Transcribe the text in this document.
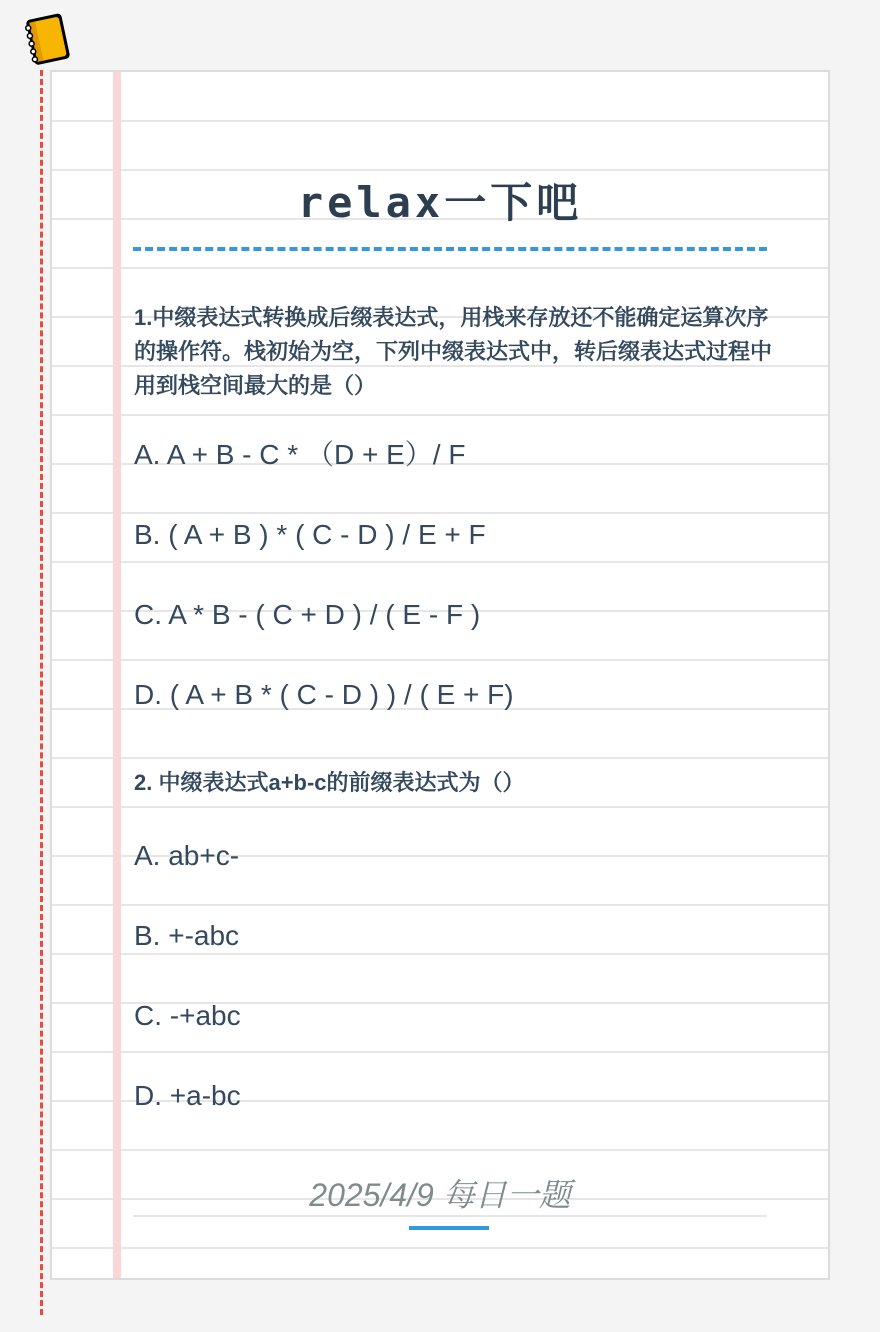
relax一下吧

1.中缀表达式转换成后缀表达式，用栈来存放还不能确定运算次序的操作符。栈初始为空，下列中缀表达式中，转后缀表达式过程中用到栈空间最大的是（）

A. A + B - C * （D + E）/ F
B. ( A + B ) * ( C - D ) / E + F
C. A * B - ( C + D ) / ( E - F )
D. ( A + B * ( C - D ) ) / ( E + F)

2. 中缀表达式a+b-c的前缀表达式为（）

A. ab+c-
B. +-abc
C. -+abc
D. +a-bc
2025/4/9 每日一题
